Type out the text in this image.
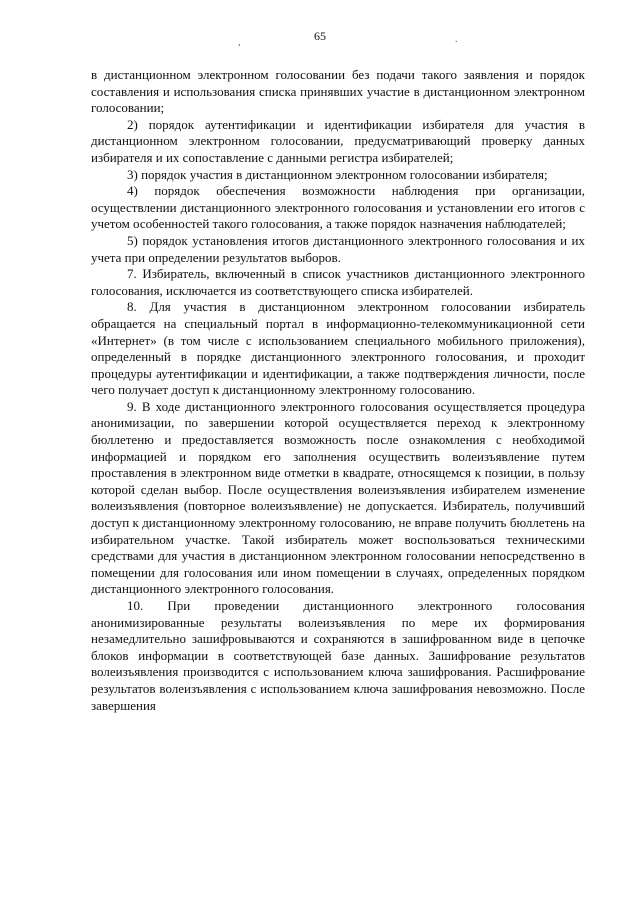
65
,	.

в дистанционном электронном голосовании без подачи такого заявления и порядок составления и использования списка принявших участие в дистанционном электронном голосовании;

2) порядок аутентификации и идентификации избирателя для участия в дистанционном электронном голосовании, предусматривающий проверку данных избирателя и их сопоставление с данными регистра избирателей;

3) порядок участия в дистанционном электронном голосовании избирателя;

4) порядок обеспечения возможности наблюдения при организации, осуществлении дистанционного электронного голосования и установлении его итогов с учетом особенностей такого голосования, а также порядок назначения наблюдателей;

5) порядок установления итогов дистанционного электронного голосования и их учета при определении результатов выборов.

7. Избиратель, включенный в список участников дистанционного электронного голосования, исключается из соответствующего списка избирателей.

8. Для участия в дистанционном электронном голосовании избиратель обращается на специальный портал в информационно-телекоммуникационной сети «Интернет» (в том числе с использованием специального мобильного приложения), определенный в порядке дистанционного электронного голосования, и проходит процедуры аутентификации и идентификации, а также подтверждения личности, после чего получает доступ к дистанционному электронному голосованию.

9. В ходе дистанционного электронного голосования осуществляется процедура анонимизации, по завершении которой осуществляется переход к электронному бюллетеню и предоставляется возможность после ознакомления с необходимой информацией и порядком его заполнения осуществить волеизъявление путем проставления в электронном виде отметки в квадрате, относящемся к позиции, в пользу которой сделан выбор. После осуществления волеизъявления избирателем изменение волеизъявления (повторное волеизъявление) не допускается. Избиратель, получивший доступ к дистанционному электронному голосованию, не вправе получить бюллетень на избирательном участке. Такой избиратель может воспользоваться техническими средствами для участия в дистанционном электронном голосовании непосредственно в помещении для голосования или ином помещении в случаях, определенных порядком дистанционного электронного голосования.

10. При проведении дистанционного электронного голосования анонимизированные результаты волеизъявления по мере их формирования незамедлительно зашифровываются и сохраняются в зашифрованном виде в цепочке блоков информации в соответствующей базе данных. Зашифрование результатов волеизъявления производится с использованием ключа зашифрования. Расшифрование результатов волеизъявления с использованием ключа зашифрования невозможно. После завершения
